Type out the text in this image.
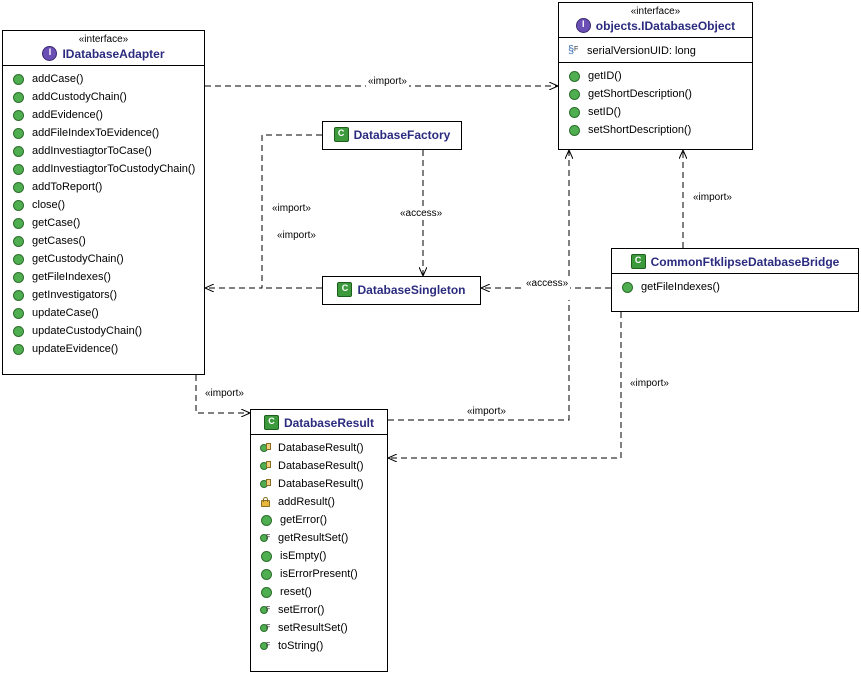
«interface»
I
IDatabaseAdapter
addCase()
addCustodyChain()
addEvidence()
addFileIndexToEvidence()
addInvestiagtorToCase()
addInvestiagtorToCustodyChain()
addToReport()
close()
getCase()
getCases()
getCustodyChain()
getFileIndexes()
getInvestigators()
updateCase()
updateCustodyChain()
updateEvidence()
«interface»
I
objects.IDatabaseObject
§ F
serialVersionUID: long
getID()
getShortDescription()
setID()
setShortDescription()
C
DatabaseFactory
C
DatabaseSingleton
C
CommonFtklipseDatabaseBridge
getFileIndexes()
C
DatabaseResult
DatabaseResult()
DatabaseResult()
DatabaseResult()
addResult()
getError()
F
getResultSet()
isEmpty()
isErrorPresent()
reset()
F
setError()
F
setResultSet()
F
toString()
«import»
«import»
«import»
«access»
«import»
«access»
«import»
«import»
«import»
